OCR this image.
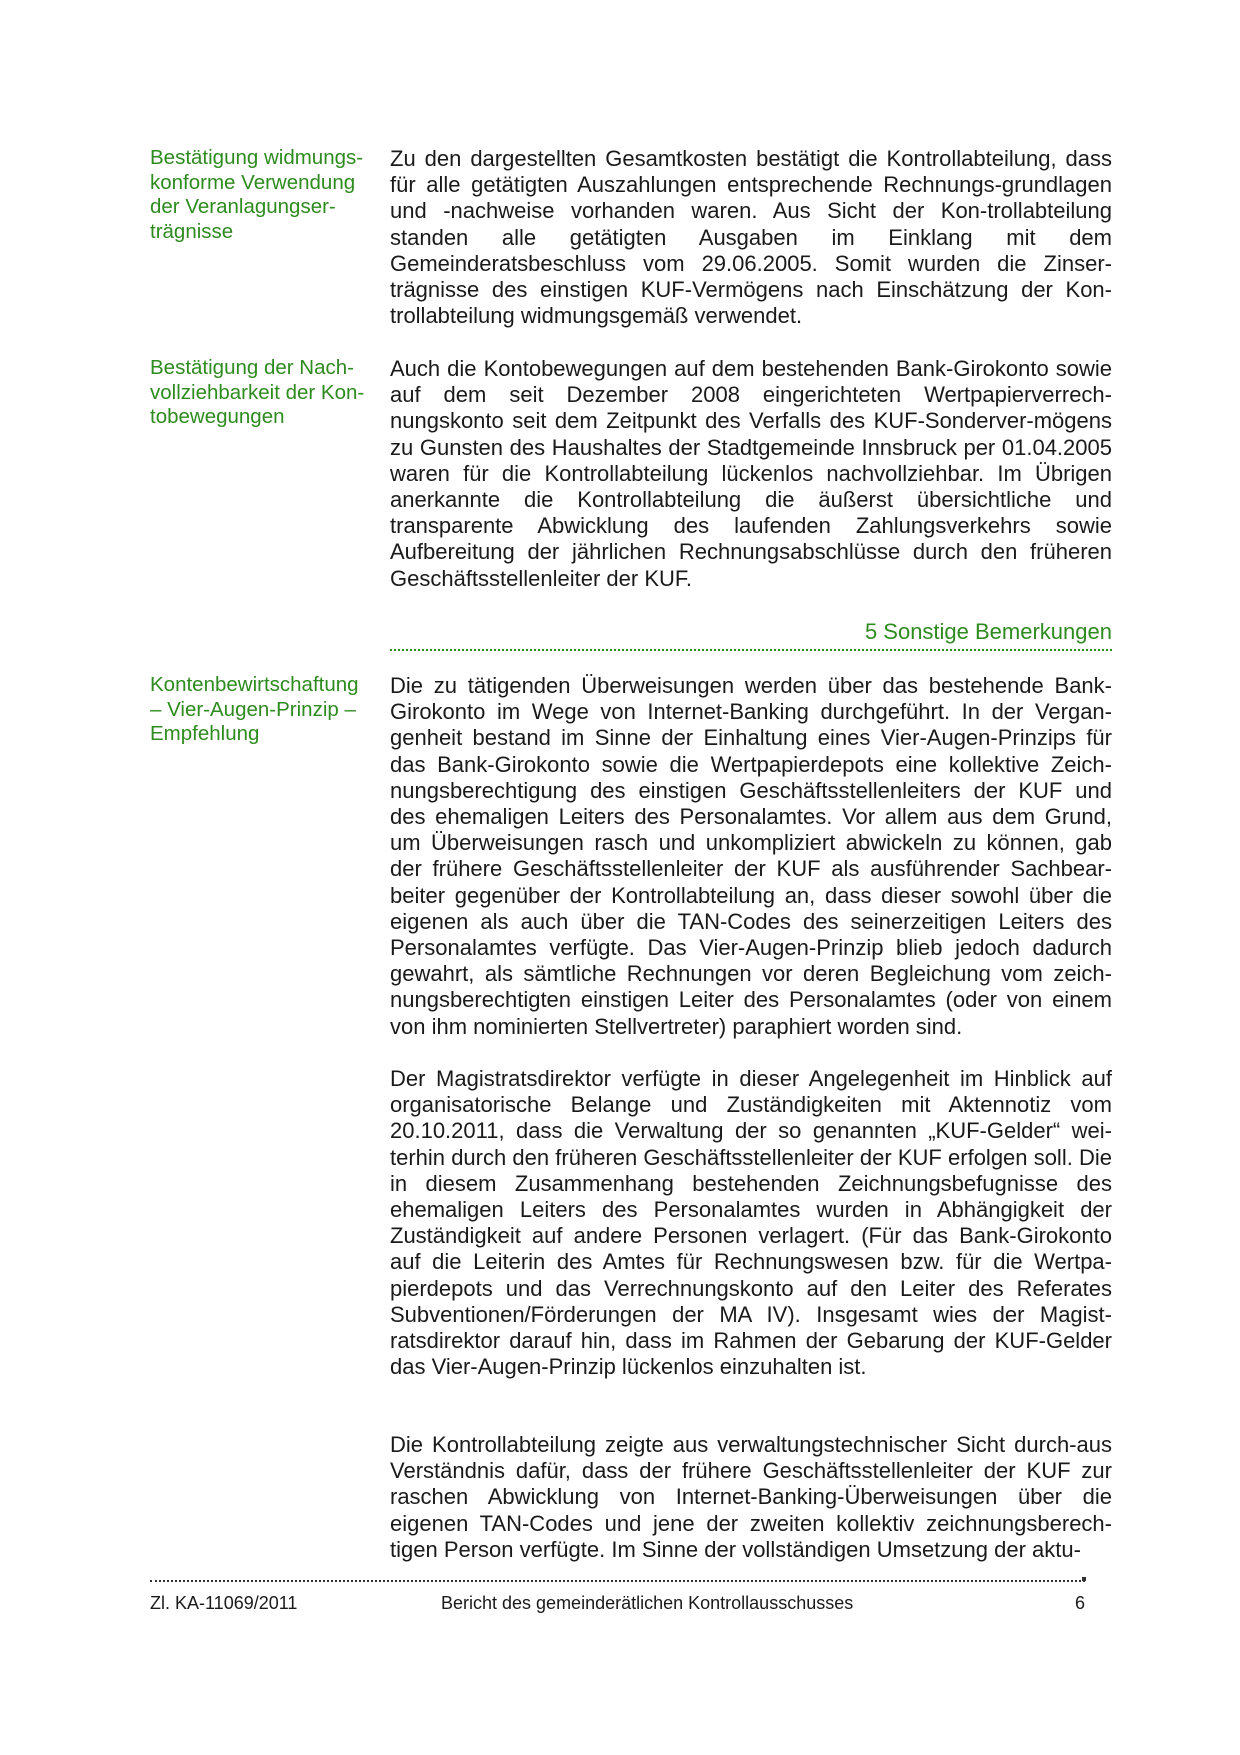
Bestätigung widmungs-
konforme Verwendung
der Veranlagungser-
trägnisse
Zu den dargestellten Gesamtkosten bestätigt die Kontrollabteilung, dass für alle getätigten Auszahlungen entsprechende Rechnungs-grundlagen und -nachweise vorhanden waren. Aus Sicht der Kon-trollabteilung standen alle getätigten Ausgaben im Einklang mit dem Gemeinderatsbeschluss vom 29.06.2005. Somit wurden die Zinser-trägnisse des einstigen KUF-Vermögens nach Einschätzung der Kon-trollabteilung widmungsgemäß verwendet.
Bestätigung der Nach-
vollziehbarkeit der Kon-
tobewegungen
Auch die Kontobewegungen auf dem bestehenden Bank-Girokonto sowie auf dem seit Dezember 2008 eingerichteten Wertpapierverrech-nungskonto seit dem Zeitpunkt des Verfalls des KUF-Sonderver-mögens zu Gunsten des Haushaltes der Stadtgemeinde Innsbruck per 01.04.2005 waren für die Kontrollabteilung lückenlos nachvollziehbar. Im Übrigen anerkannte die Kontrollabteilung die äußerst übersichtliche und transparente Abwicklung des laufenden Zahlungsverkehrs sowie Aufbereitung der jährlichen Rechnungsabschlüsse durch den früheren Geschäftsstellenleiter der KUF.
5 Sonstige Bemerkungen
Kontenbewirtschaftung
– Vier-Augen-Prinzip –
Empfehlung
Die zu tätigenden Überweisungen werden über das bestehende Bank-Girokonto im Wege von Internet-Banking durchgeführt. In der Vergan-genheit bestand im Sinne der Einhaltung eines Vier-Augen-Prinzips für das Bank-Girokonto sowie die Wertpapierdepots eine kollektive Zeich-nungsberechtigung des einstigen Geschäftsstellenleiters der KUF und des ehemaligen Leiters des Personalamtes. Vor allem aus dem Grund, um Überweisungen rasch und unkompliziert abwickeln zu können, gab der frühere Geschäftsstellenleiter der KUF als ausführender Sachbear-beiter gegenüber der Kontrollabteilung an, dass dieser sowohl über die eigenen als auch über die TAN-Codes des seinerzeitigen Leiters des Personalamtes verfügte. Das Vier-Augen-Prinzip blieb jedoch dadurch gewahrt, als sämtliche Rechnungen vor deren Begleichung vom zeich-nungsberechtigten einstigen Leiter des Personalamtes (oder von einem von ihm nominierten Stellvertreter) paraphiert worden sind.
Der Magistratsdirektor verfügte in dieser Angelegenheit im Hinblick auf organisatorische Belange und Zuständigkeiten mit Aktennotiz vom 20.10.2011, dass die Verwaltung der so genannten „KUF-Gelder“ wei-terhin durch den früheren Geschäftsstellenleiter der KUF erfolgen soll. Die in diesem Zusammenhang bestehenden Zeichnungsbefugnisse des ehemaligen Leiters des Personalamtes wurden in Abhängigkeit der Zuständigkeit auf andere Personen verlagert. (Für das Bank-Girokonto auf die Leiterin des Amtes für Rechnungswesen bzw. für die Wertpa-pierdepots und das Verrechnungskonto auf den Leiter des Referates Subventionen/Förderungen der MA IV). Insgesamt wies der Magist-ratsdirektor darauf hin, dass im Rahmen der Gebarung der KUF-Gelder das Vier-Augen-Prinzip lückenlos einzuhalten ist.
Die Kontrollabteilung zeigte aus verwaltungstechnischer Sicht durch-aus Verständnis dafür, dass der frühere Geschäftsstellenleiter der KUF zur raschen Abwicklung von Internet-Banking-Überweisungen über die eigenen TAN-Codes und jene der zweiten kollektiv zeichnungsberech-tigen Person verfügte. Im Sinne der vollständigen Umsetzung der aktu-
Zl. KA-11069/2011	Bericht des gemeinderätlichen Kontrollausschusses	6
